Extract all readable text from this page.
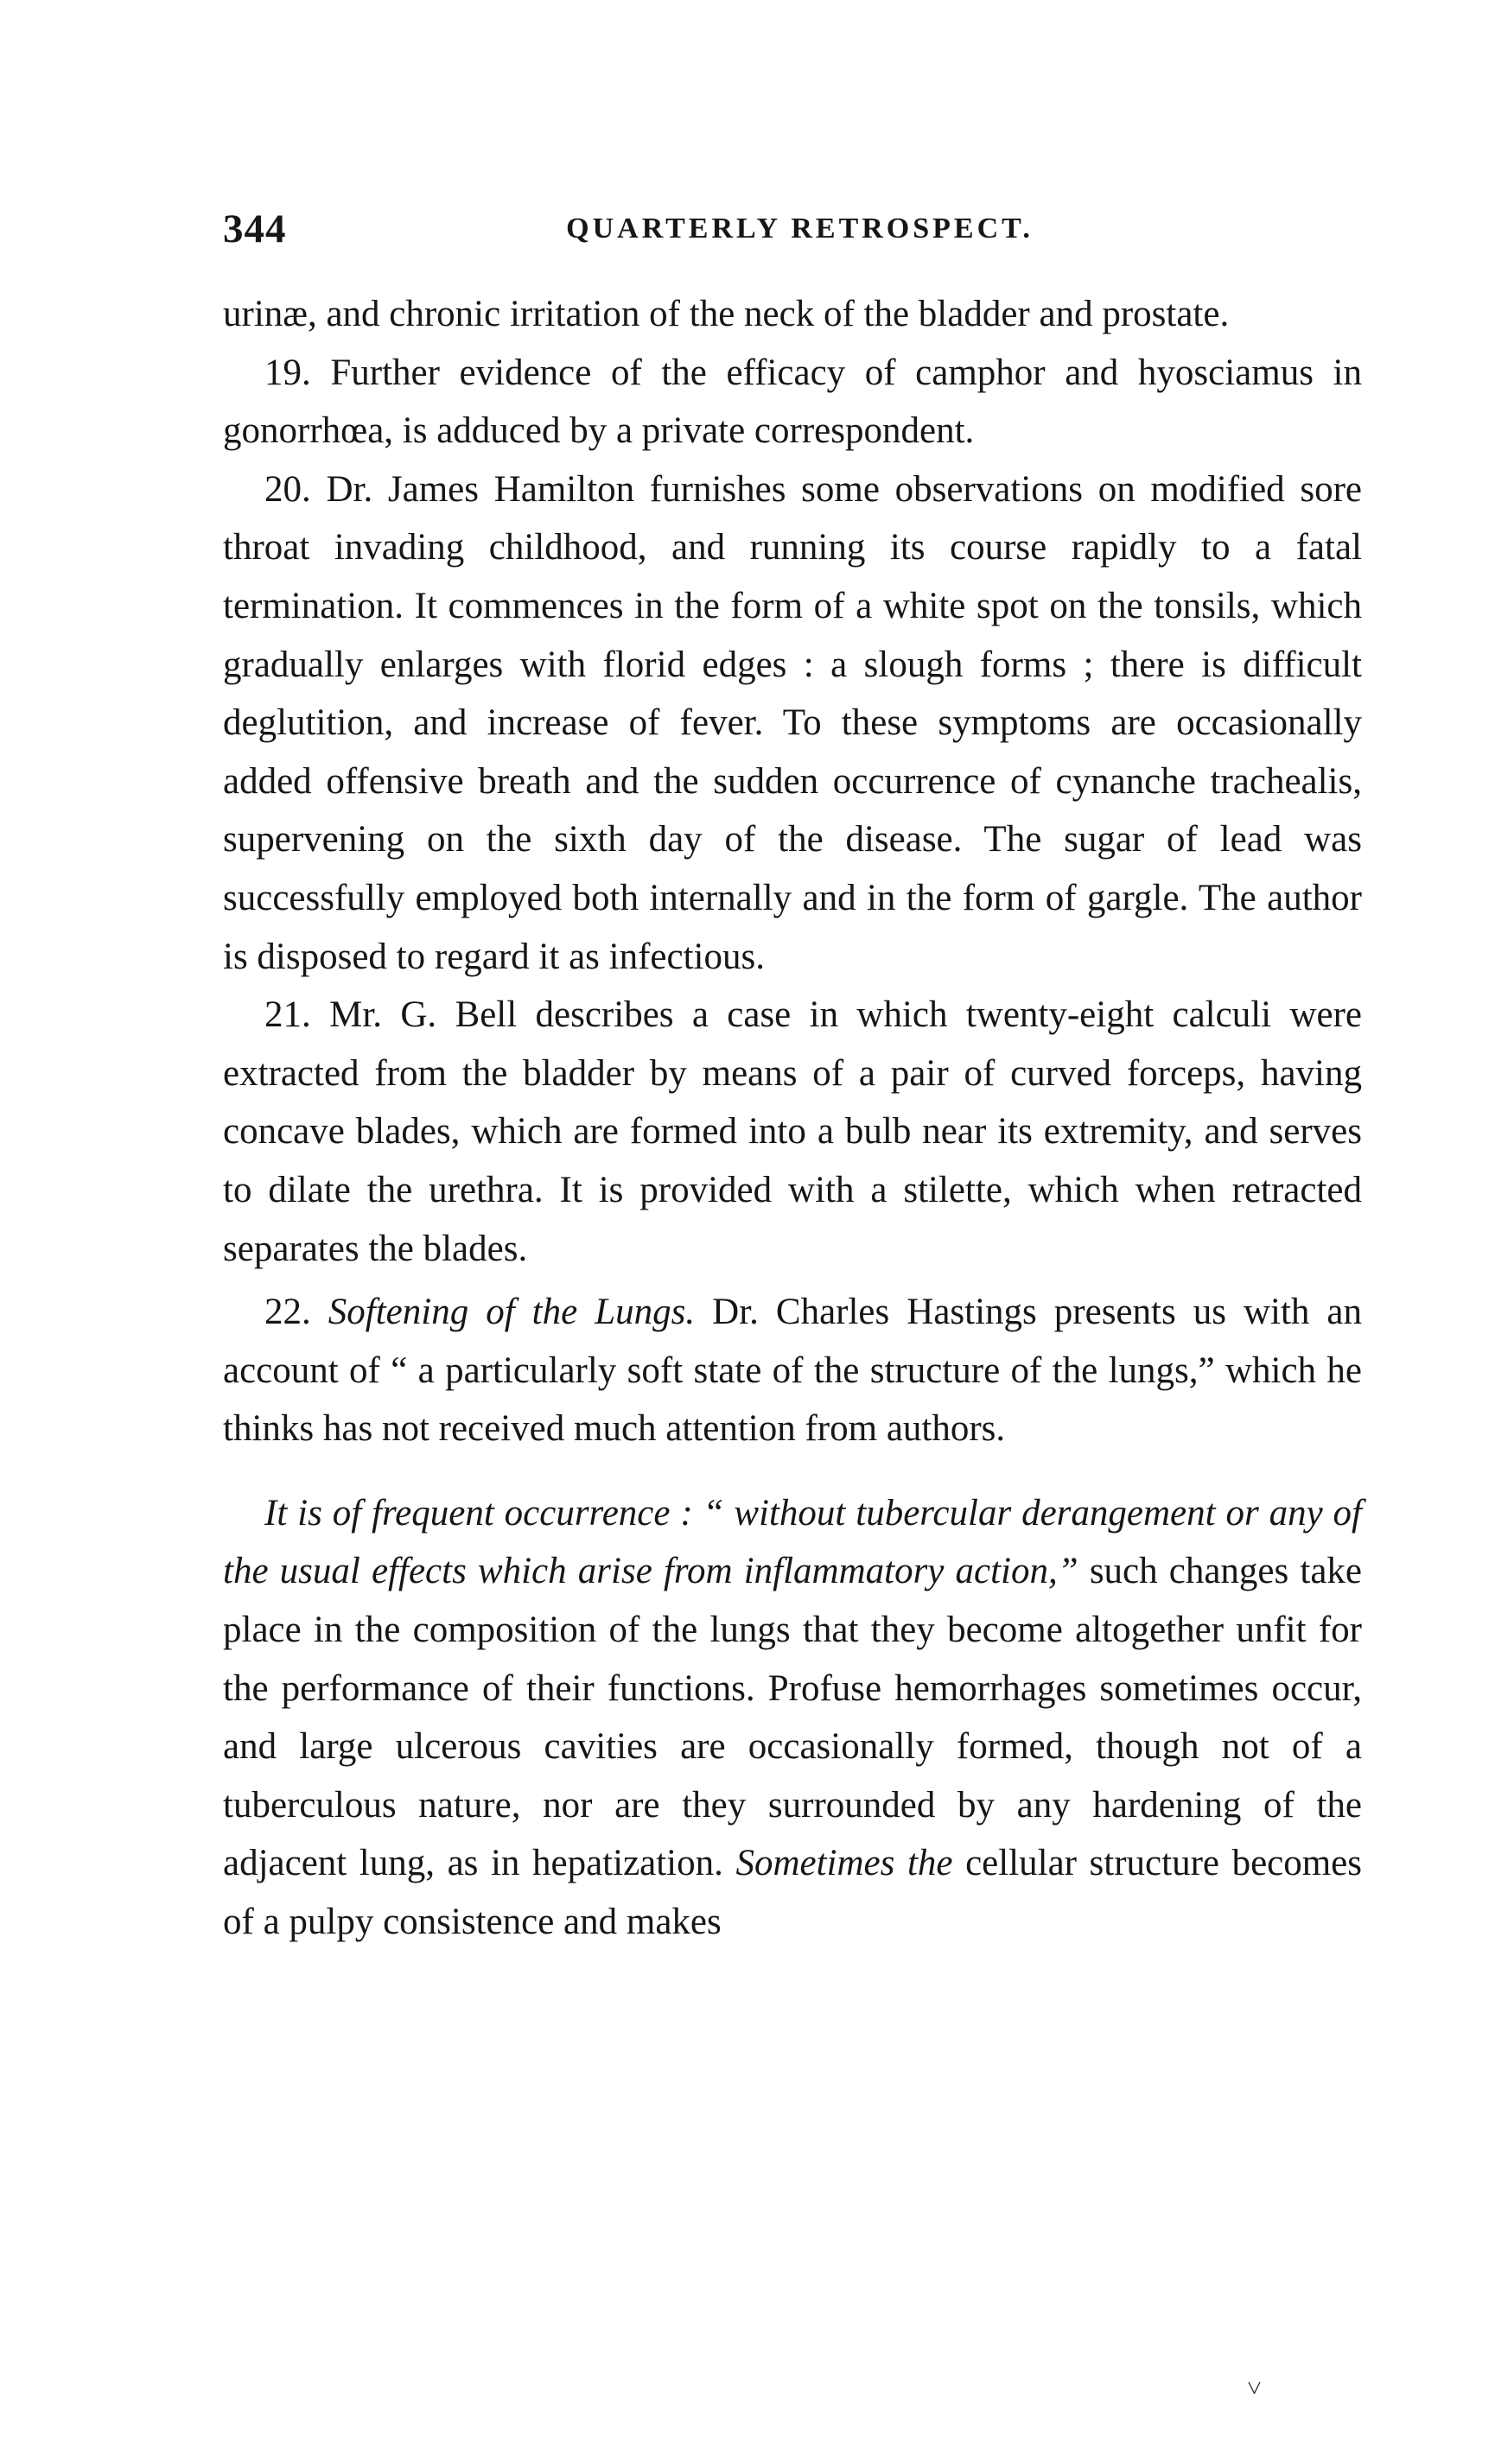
344	QUARTERLY RETROSPECT.

urinæ, and chronic irritation of the neck of the bladder and prostate.

19. Further evidence of the efficacy of camphor and hyosciamus in gonorrhœa, is adduced by a private correspondent.

20. Dr. James Hamilton furnishes some observations on modified sore throat invading childhood, and running its course rapidly to a fatal termination. It commences in the form of a white spot on the tonsils, which gradually enlarges with florid edges : a slough forms ; there is difficult deglutition, and increase of fever. To these symptoms are occasionally added offensive breath and the sudden occurrence of cynanche trachealis, supervening on the sixth day of the disease. The sugar of lead was successfully employed both internally and in the form of gargle. The author is disposed to regard it as infectious.

21. Mr. G. Bell describes a case in which twenty-eight calculi were extracted from the bladder by means of a pair of curved forceps, having concave blades, which are formed into a bulb near its extremity, and serves to dilate the urethra. It is provided with a stilette, which when retracted separates the blades.

22. Softening of the Lungs. Dr. Charles Hastings presents us with an account of “ a particularly soft state of the structure of the lungs,” which he thinks has not received much attention from authors.

It is of frequent occurrence : “ without tubercular derangement or any of the usual effects which arise from inflammatory action,” such changes take place in the composition of the lungs that they become altogether unfit for the performance of their functions. Profuse hemorrhages sometimes occur, and large ulcerous cavities are occasionally formed, though not of a tuberculous nature, nor are they surrounded by any hardening of the adjacent lung, as in hepatization. Sometimes the cellular structure becomes of a pulpy consistence and makes

˅
